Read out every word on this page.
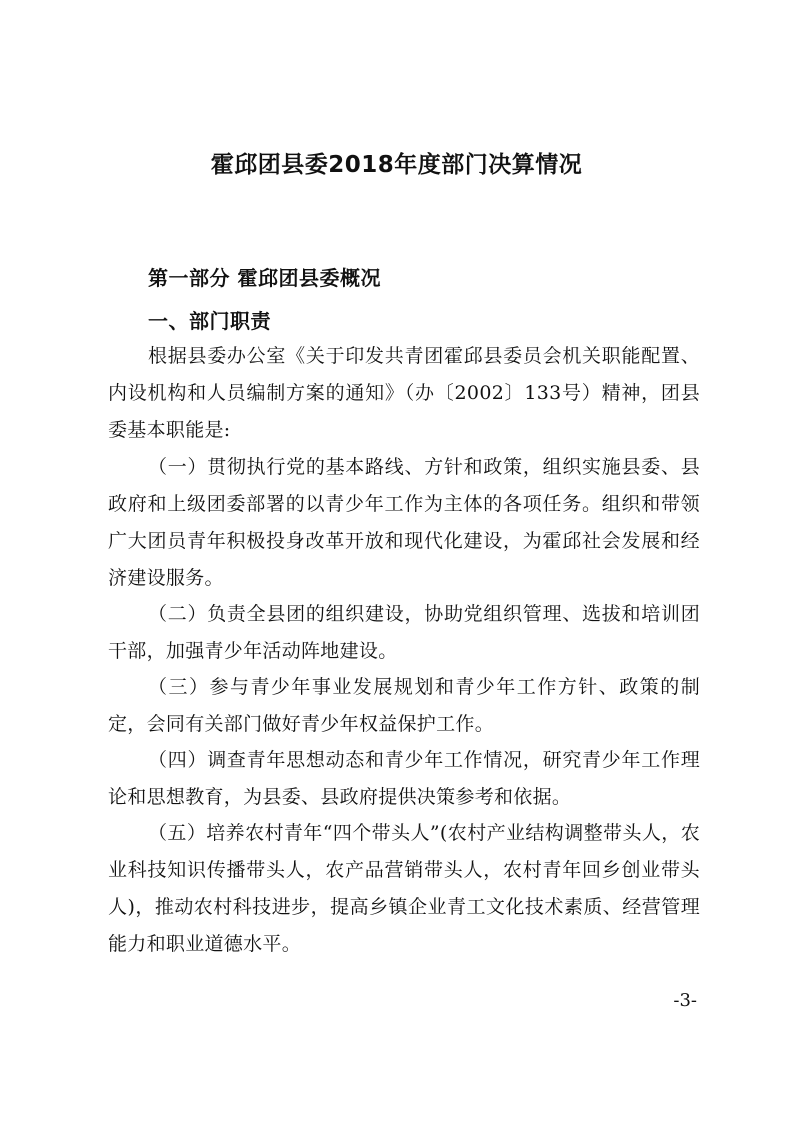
霍邱团县委2018年度部门决算情况
第一部分 霍邱团县委概况
一、部门职责

根据县委办公室《关于印发共青团霍邱县委员会机关职能配置、内设机构和人员编制方案的通知》（办〔2002〕133号）精神，团县委基本职能是:

（一）贯彻执行党的基本路线、方针和政策，组织实施县委、县政府和上级团委部署的以青少年工作为主体的各项任务。组织和带领广大团员青年积极投身改革开放和现代化建设，为霍邱社会发展和经济建设服务。

（二）负责全县团的组织建设，协助党组织管理、选拔和培训团干部，加强青少年活动阵地建设。

（三）参与青少年事业发展规划和青少年工作方针、政策的制定，会同有关部门做好青少年权益保护工作。

（四）调查青年思想动态和青少年工作情况，研究青少年工作理论和思想教育，为县委、县政府提供决策参考和依据。

（五）培养农村青年“四个带头人”(农村产业结构调整带头人，农业科技知识传播带头人，农产品营销带头人，农村青年回乡创业带头人)，推动农村科技进步，提高乡镇企业青工文化技术素质、经营管理能力和职业道德水平。

-3-
